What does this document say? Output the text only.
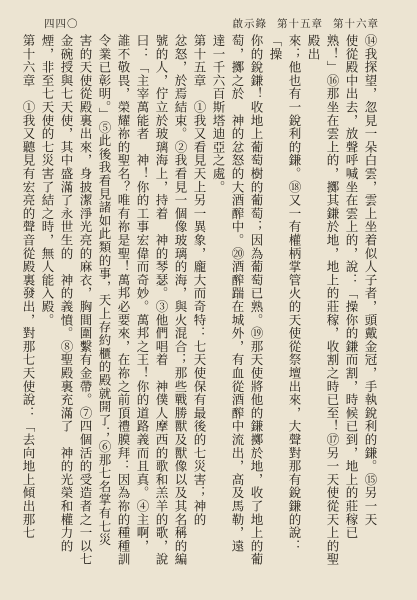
啟示錄 第十五章 第十六章
四四〇

⑭我探望，忽見一朵白雲，雲上坐着似人子者，頭戴金冠，手執銳利的鎌。⑮另一天

使從殿中出去，放聲呼喊坐在雲上的，說：「操你的鎌而割，時候已到，地上的莊稼已

熟！」⑯那坐在雲上的，擲其鎌於地，地上的莊稼，收割之時已至！⑰另一天使從天上的聖殿出

來；他也有一銳利的鎌。⑱又一有權柄掌管火的天使從祭壇出來，大聲對那有銳鎌的說：「操

你的銳鎌！收地上葡萄樹的葡萄；因為葡萄已熟。⑲那天使將他的鎌擲於地，收了地上的葡

萄，擲之於　神的忿怒的大酒醡中。⑳酒醡踹在城外，有血從酒醡中流出，高及馬勒，遠

達一千六百斯塔迪亞之處。

第十五章　①我又看見天上另一異象，龐大而奇特：七天使保有最後的七災害；神的

忿怒，於焉結束。②我看見一個像玻璃的海，與火混合；那些戰勝獸及獸像以及其名稱的編

號的人，佇立於玻璃海上，持着　神的琴瑟。③他們唱着　神僕人摩西的歌和羔羊的歌，說

曰：「主宰萬能者　神！你的工事宏偉而奇妙。萬邦之王！你的道路義而且真。④主啊，

誰不敬畏，榮耀祢的聖名？唯有祢是聖！萬邦必要來，在祢之前頂禮膜拜：因為祢的種種訓

令業已彰明。」⑤此後我看見諸如此類的事，天上存約櫃的殿就開了；⑥那七名掌有七災

害的天使從殿裏出來，身披潔淨光亮的麻衣，胸間圍繫有金帶。⑦四個活的受造者之一以七

金碗授與七天使，其中盛滿了永世生的　神的義憤。⑧聖殿裏充滿了　神的光榮和權力的

煙，非至七天使的七災害了結之時，無人能入殿。

第十六章　①我又聽見有宏亮的聲音從殿裏發出，對那七天使說：「去向地上傾出那七
